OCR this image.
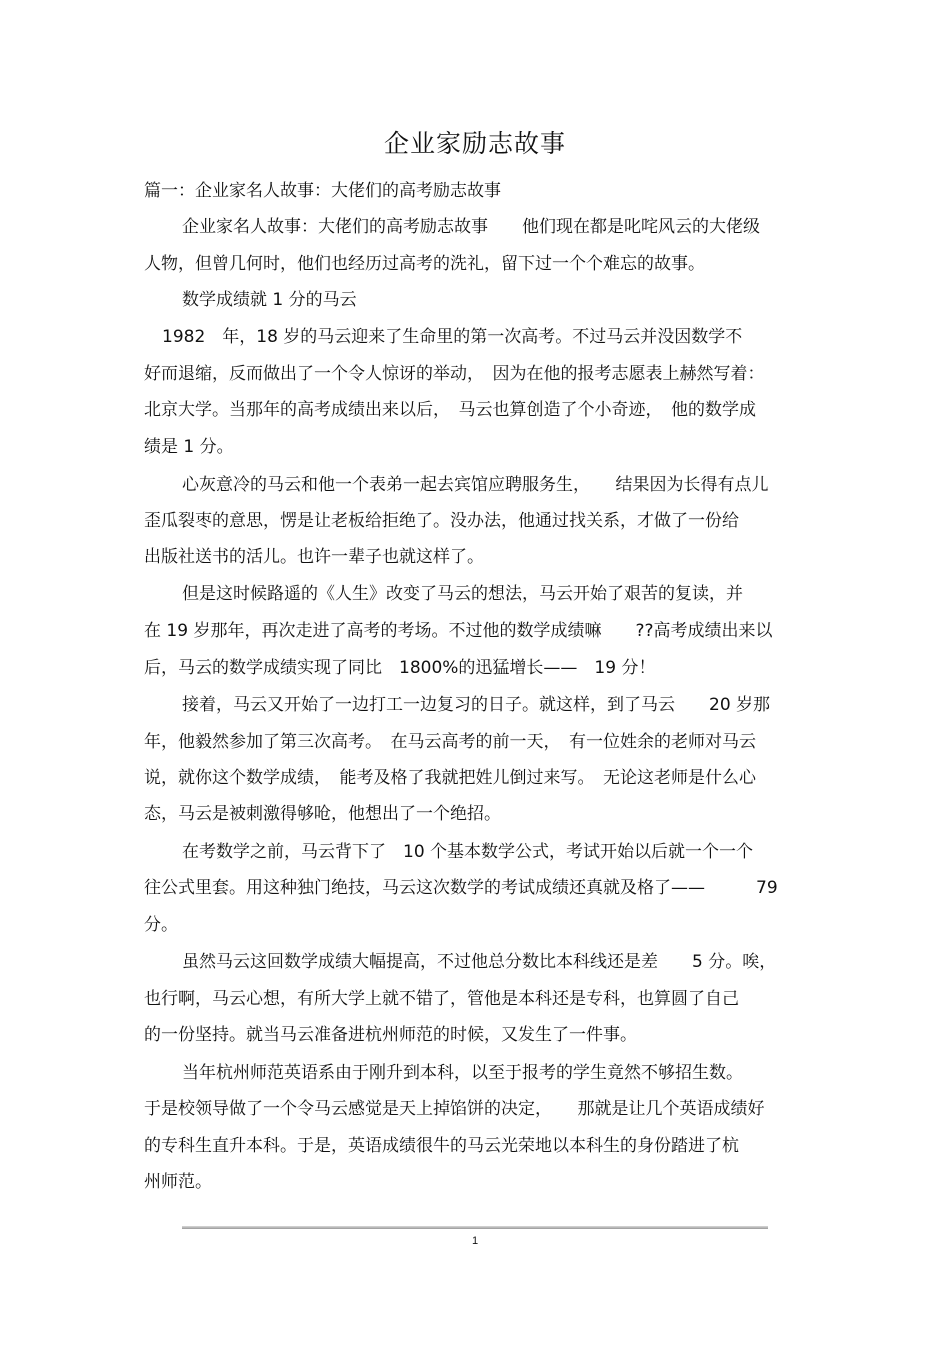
企业家励志故事
篇一：企业家名人故事：大佬们的高考励志故事
企业家名人故事：大佬们的高考励志故事　　他们现在都是叱咤风云的大佬级
人物，但曾几何时，他们也经历过高考的洗礼，留下过一个个难忘的故事。
数学成绩就 1 分的马云
1982　年，18 岁的马云迎来了生命里的第一次高考。不过马云并没因数学不
好而退缩，反而做出了一个令人惊讶的举动，　因为在他的报考志愿表上赫然写着：
北京大学。当那年的高考成绩出来以后，　马云也算创造了个小奇迹，　他的数学成
绩是 1 分。
心灰意冷的马云和他一个表弟一起去宾馆应聘服务生，　　结果因为长得有点儿
歪瓜裂枣的意思，愣是让老板给拒绝了。没办法，他通过找关系，才做了一份给
出版社送书的活儿。也许一辈子也就这样了。
但是这时候路遥的《人生》改变了马云的想法，马云开始了艰苦的复读，并
在 19 岁那年，再次走进了高考的考场。不过他的数学成绩嘛　　??高考成绩出来以
后，马云的数学成绩实现了同比　1800%的迅猛增长——　19 分！
接着，马云又开始了一边打工一边复习的日子。就这样，到了马云　　20 岁那
年，他毅然参加了第三次高考。　在马云高考的前一天，　有一位姓余的老师对马云
说，就你这个数学成绩，　能考及格了我就把姓儿倒过来写。　无论这老师是什么心
态，马云是被刺激得够呛，他想出了一个绝招。
在考数学之前，马云背下了　10 个基本数学公式，考试开始以后就一个一个
往公式里套。用这种独门绝技，马云这次数学的考试成绩还真就及格了——　　　79
分。
虽然马云这回数学成绩大幅提高，不过他总分数比本科线还是差　　5 分。唉，
也行啊，马云心想，有所大学上就不错了，管他是本科还是专科，也算圆了自己
的一份坚持。就当马云准备进杭州师范的时候，又发生了一件事。
当年杭州师范英语系由于刚升到本科，以至于报考的学生竟然不够招生数。
于是校领导做了一个令马云感觉是天上掉馅饼的决定，　　那就是让几个英语成绩好
的专科生直升本科。于是，英语成绩很牛的马云光荣地以本科生的身份踏进了杭
州师范。
1
